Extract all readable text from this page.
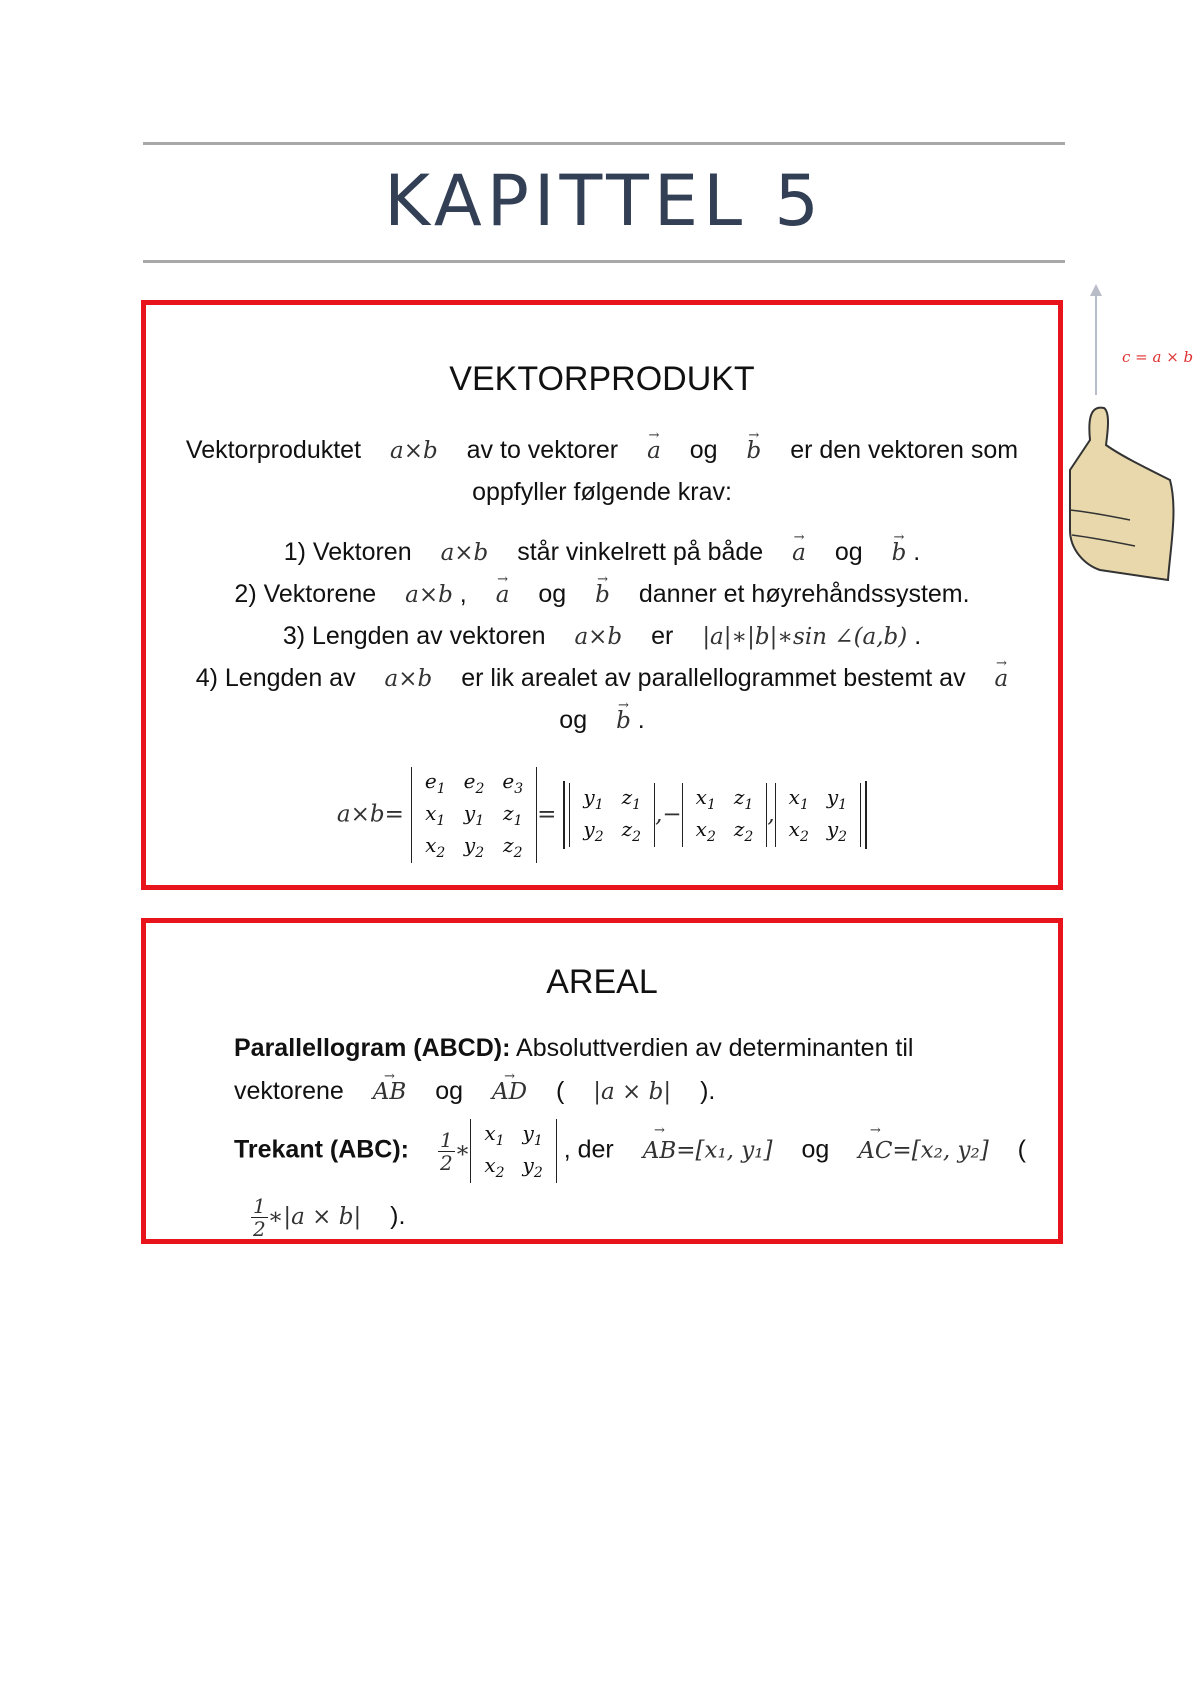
KAPITTEL 5
c = a × b
VEKTORPRODUKT
Vektorproduktet a×b av to vektorer → a og → b er den vektoren som
oppfyller følgende krav:
1) Vektoren a×b står vinkelrett på både → a og → b .
2) Vektorene a×b , → a og → b danner et høyrehåndssystem.
3) Lengden av vektoren a×b er |a|∗|b|∗sin ∠(a,b) .
4) Lengden av a×b er lik arealet av parallellogrammet bestemt av → a
og → b .
a×b=
$e_1$	$e_2$	$e_3$
$x_1$	$y_1$	$z_1$
$x_2$	$y_2$	$z_2$
=
$y_1$	$z_1$
$y_2$	$z_2$
,−
$x_1$	$z_1$
$x_2$	$z_2$
,
$x_1$	$y_1$
$x_2$	$y_2$
AREAL
Parallellogram (ABCD): Absoluttverdien av determinanten til
vektorene → AB og → AD ( |a × b| ).
Trekant (ABC): $\frac{1}{2}$ ∗
$x_1$	$y_1$
$x_2$	$y_2$
, der → AB=[x₁, y₁] og → AC=[x₂, y₂] (
$\frac{1}{2}$ ∗|a × b| ).
